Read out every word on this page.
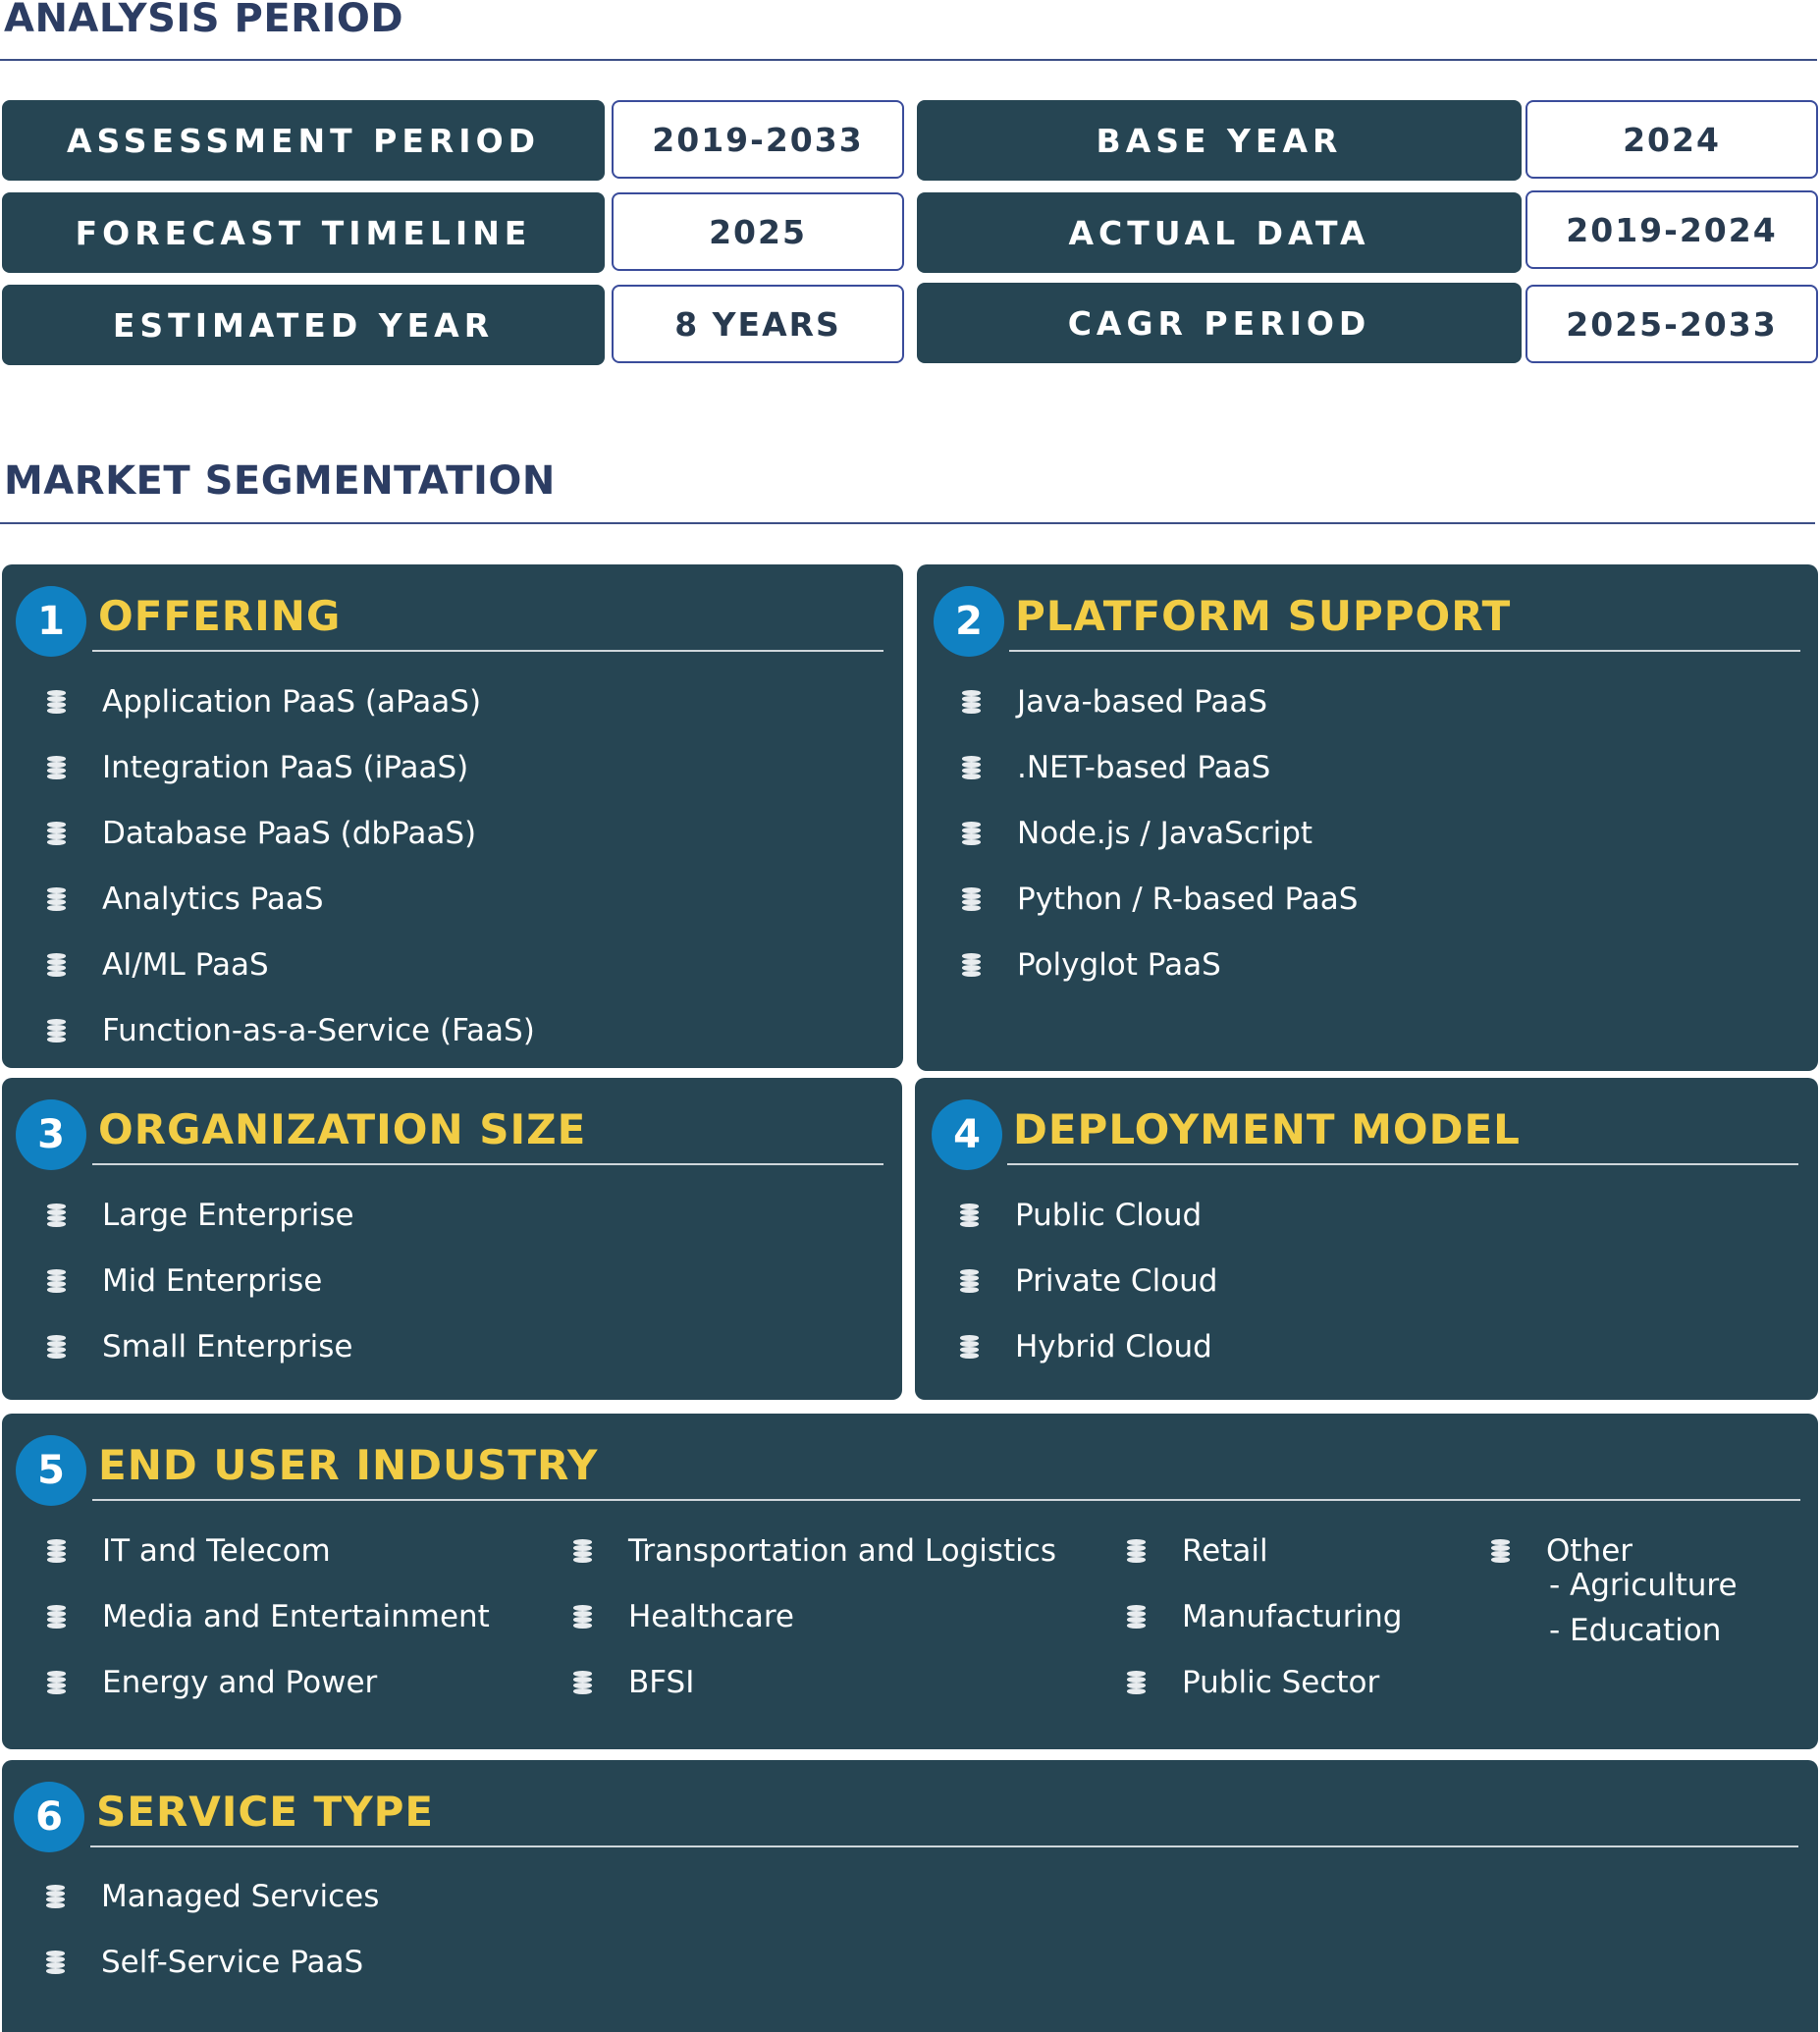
ANALYSIS PERIOD
ASSESSMENT PERIOD	2019-2033	BASE YEAR	2024
FORECAST TIMELINE	2025	ACTUAL DATA	2019-2024
ESTIMATED YEAR	8 YEARS	CAGR PERIOD	2025-2033
MARKET SEGMENTATION
1 OFFERING
Application PaaS (aPaaS)
Integration PaaS (iPaaS)
Database PaaS (dbPaaS)
Analytics PaaS
AI/ML PaaS
Function-as-a-Service (FaaS)
2 PLATFORM SUPPORT
Java-based PaaS
.NET-based PaaS
Node.js / JavaScript
Python / R-based PaaS
Polyglot PaaS
3 ORGANIZATION SIZE
Large Enterprise
Mid Enterprise
Small Enterprise
4 DEPLOYMENT MODEL
Public Cloud
Private Cloud
Hybrid Cloud
5 END USER INDUSTRY
IT and Telecom
Media and Entertainment
Energy and Power
Transportation and Logistics
Healthcare
BFSI
Retail
Manufacturing
Public Sector
Other
- Agriculture
- Education
6 SERVICE TYPE
Managed Services
Self-Service PaaS
